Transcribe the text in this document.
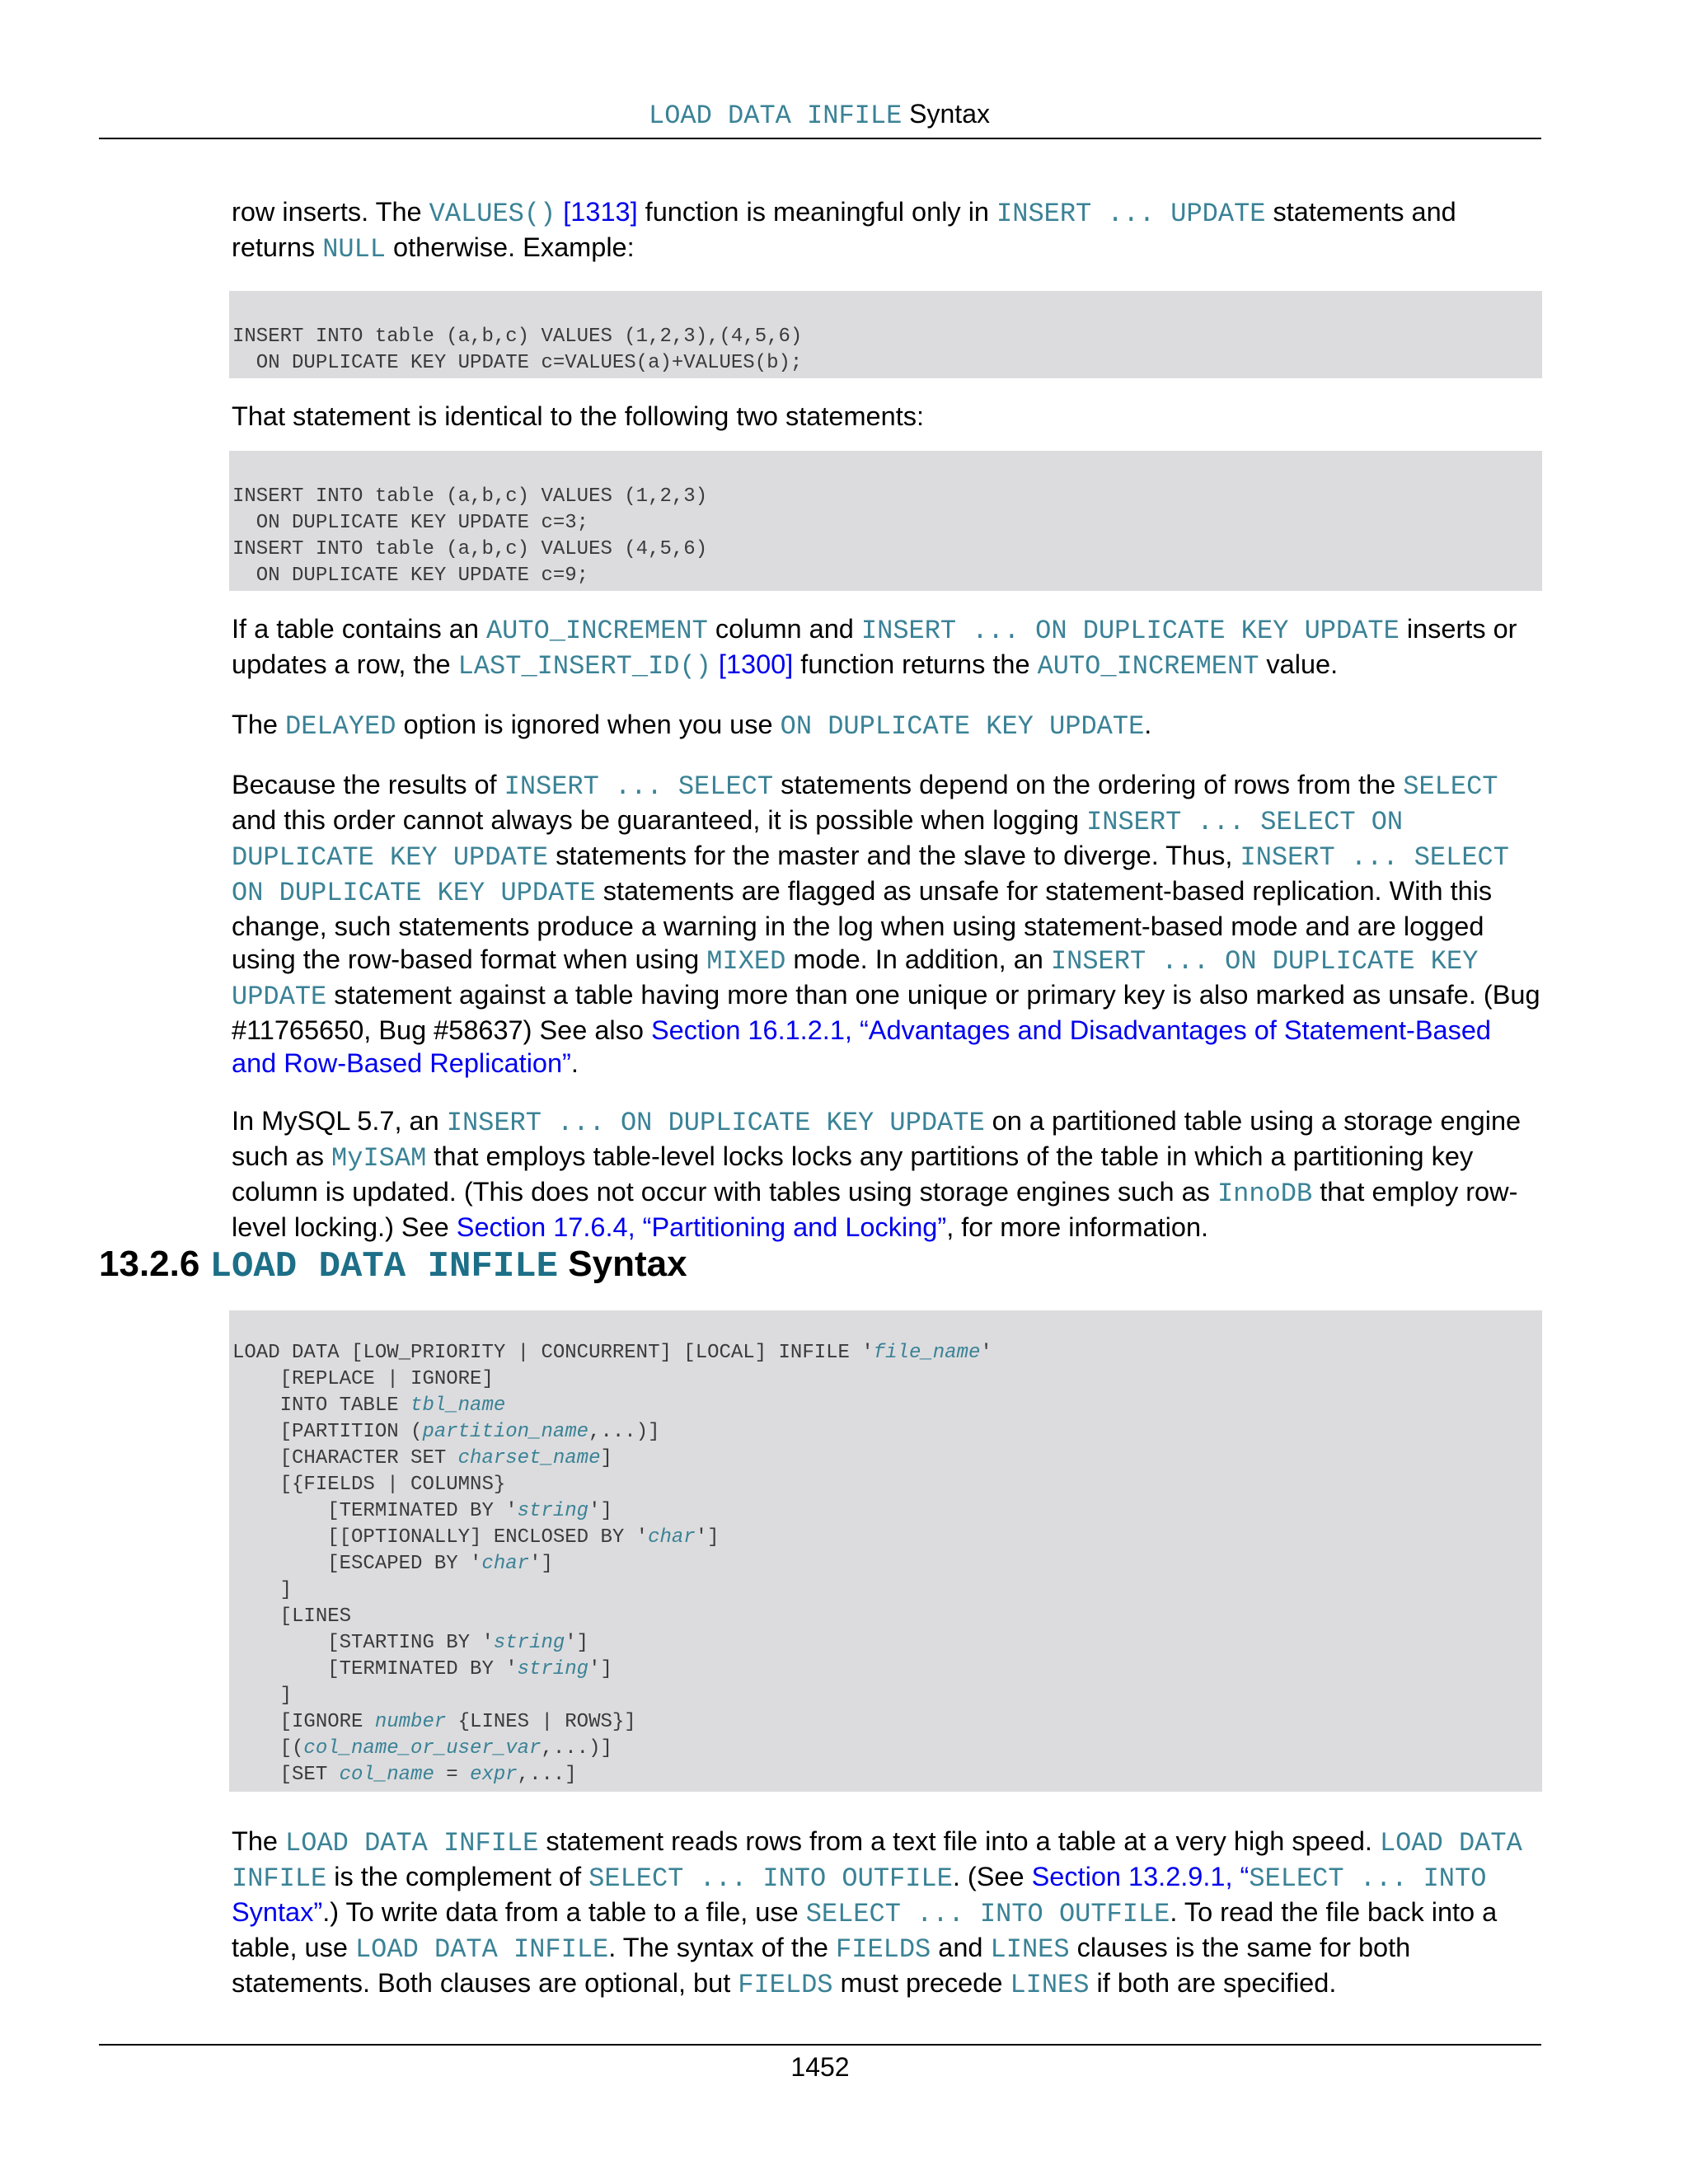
LOAD DATA INFILE Syntax

row inserts. The VALUES() [1313] function is meaningful only in INSERT ... UPDATE statements and returns NULL otherwise. Example:

INSERT INTO table (a,b,c) VALUES (1,2,3),(4,5,6)
ON DUPLICATE KEY UPDATE c=VALUES(a)+VALUES(b);

That statement is identical to the following two statements:

INSERT INTO table (a,b,c) VALUES (1,2,3)
ON DUPLICATE KEY UPDATE c=3;
INSERT INTO table (a,b,c) VALUES (4,5,6)
ON DUPLICATE KEY UPDATE c=9;

If a table contains an AUTO_INCREMENT column and INSERT ... ON DUPLICATE KEY UPDATE inserts or updates a row, the LAST_INSERT_ID() [1300] function returns the AUTO_INCREMENT value.

The DELAYED option is ignored when you use ON DUPLICATE KEY UPDATE.

Because the results of INSERT ... SELECT statements depend on the ordering of rows from the SELECT and this order cannot always be guaranteed, it is possible when logging INSERT ... SELECT ON DUPLICATE KEY UPDATE statements for the master and the slave to diverge. Thus, INSERT ... SELECT ON DUPLICATE KEY UPDATE statements are flagged as unsafe for statement-based replication. With this change, such statements produce a warning in the log when using statement-based mode and are logged using the row-based format when using MIXED mode. In addition, an INSERT ... ON DUPLICATE KEY UPDATE statement against a table having more than one unique or primary key is also marked as unsafe. (Bug #11765650, Bug #58637) See also Section 16.1.2.1, “Advantages and Disadvantages of Statement-Based and Row-Based Replication”.

In MySQL 5.7, an INSERT ... ON DUPLICATE KEY UPDATE on a partitioned table using a storage engine such as MyISAM that employs table-level locks locks any partitions of the table in which a partitioning key column is updated. (This does not occur with tables using storage engines such as InnoDB that employ row-level locking.) See Section 17.6.4, “Partitioning and Locking”, for more information.

13.2.6 LOAD DATA INFILE Syntax
LOAD DATA [LOW_PRIORITY | CONCURRENT] [LOCAL] INFILE 'file_name'
[REPLACE | IGNORE]
INTO TABLE tbl_name
[PARTITION (partition_name,...)]
[CHARACTER SET charset_name]
[{FIELDS | COLUMNS}
[TERMINATED BY 'string']
[[OPTIONALLY] ENCLOSED BY 'char']
[ESCAPED BY 'char']
]
[LINES
[STARTING BY 'string']
[TERMINATED BY 'string']
]
[IGNORE number {LINES | ROWS}]
[(col_name_or_user_var,...)]
[SET col_name = expr,...]

The LOAD DATA INFILE statement reads rows from a text file into a table at a very high speed. LOAD DATA INFILE is the complement of SELECT ... INTO OUTFILE. (See Section 13.2.9.1, “SELECT ... INTO Syntax”.) To write data from a table to a file, use SELECT ... INTO OUTFILE. To read the file back into a table, use LOAD DATA INFILE. The syntax of the FIELDS and LINES clauses is the same for both statements. Both clauses are optional, but FIELDS must precede LINES if both are specified.

1452
